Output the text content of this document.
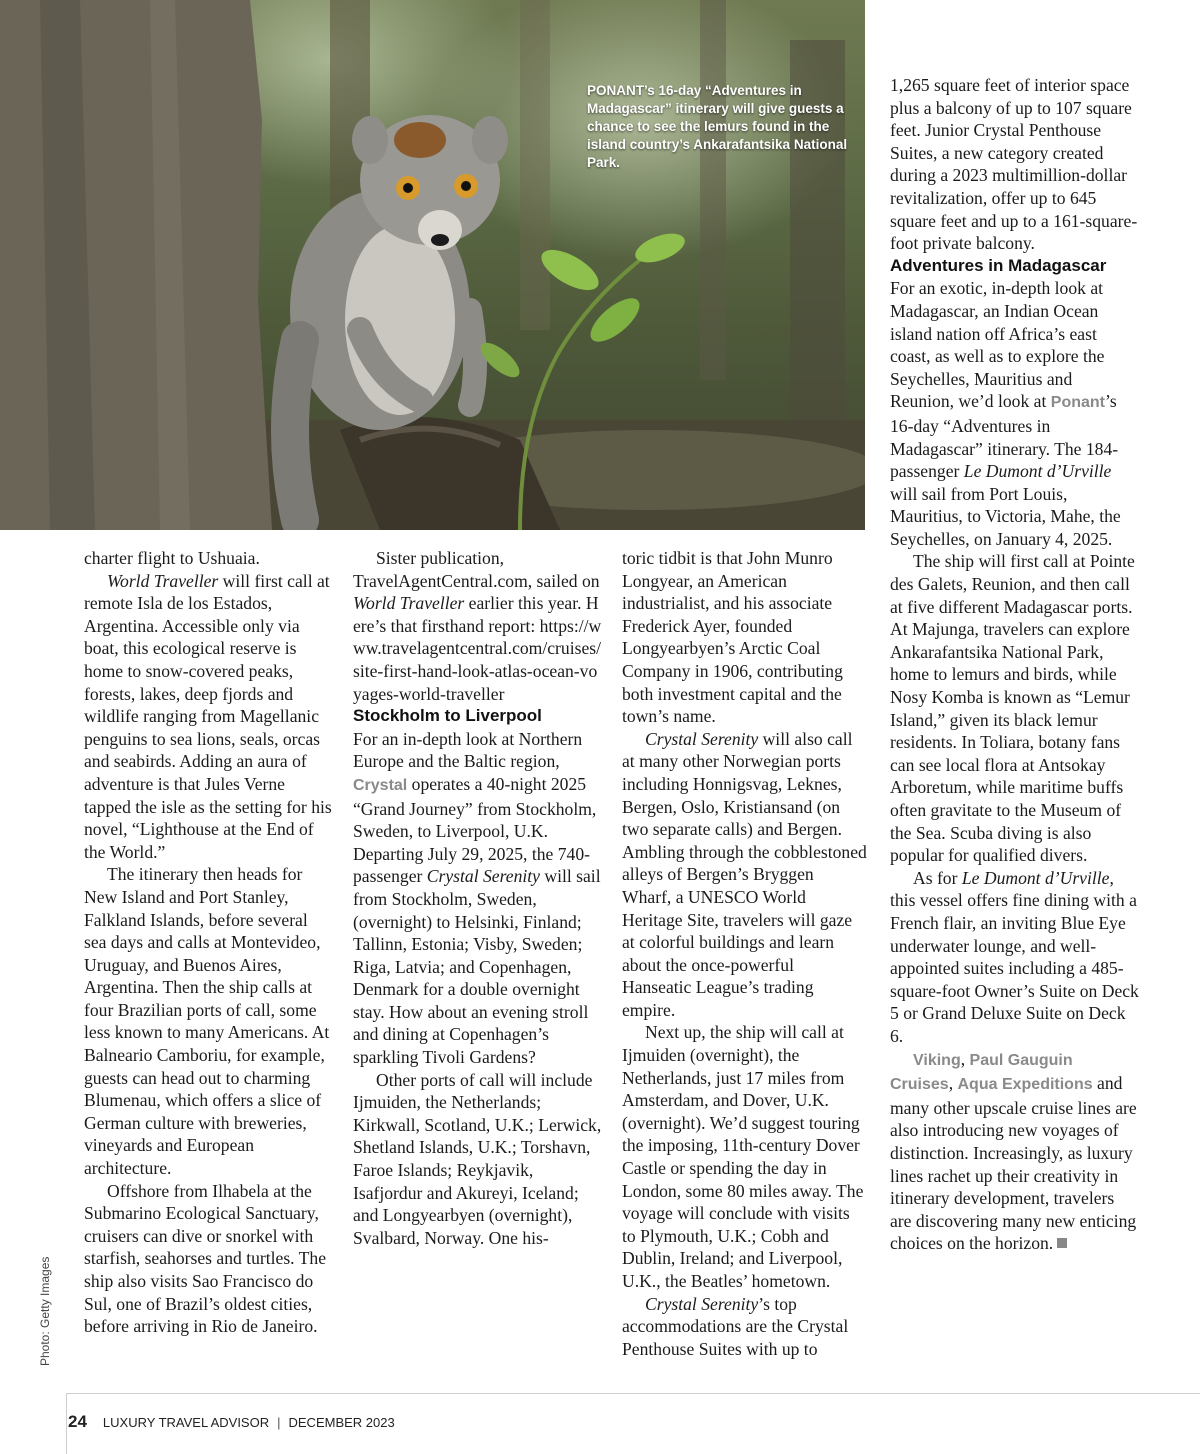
PONANT’s 16-day “Adventures in Madagascar” itinerary will give guests a chance to see the lemurs found in the island country’s Ankarafantsika National Park.
Photo: Getty Images

charter flight to Ushuaia.

World Traveller will first call at remote Isla de los Estados, Argentina. Accessible only via boat, this ecological reserve is home to snow-covered peaks, forests, lakes, deep fjords and wildlife ranging from Magellanic penguins to sea lions, seals, orcas and seabirds. Adding an aura of adventure is that Jules Verne tapped the isle as the setting for his novel, “Lighthouse at the End of the World.”

The itinerary then heads for New Island and Port Stanley, Falkland Islands, before several sea days and calls at Montevideo, Uruguay, and Buenos Aires, Argentina. Then the ship calls at four Brazilian ports of call, some less known to many Americans. At Balneario Camboriu, for example, guests can head out to charming Blumenau, which offers a slice of German culture with breweries, vineyards and European architecture.

Offshore from Ilhabela at the Submarino Ecological Sanctuary, cruisers can dive or snorkel with starfish, seahorses and turtles. The ship also visits Sao Francisco do Sul, one of Brazil’s oldest cities, before arriving in Rio de Janeiro.

Sister publication, TravelAgentCentral.com, sailed on World Traveller earlier this year. Here’s that firsthand report: https://www.travelagentcentral.com/cruises/site-first-hand-look-atlas-ocean-voyages-world-traveller

Stockholm to Liverpool

For an in-depth look at Northern Europe and the Baltic region, Crystal operates a 40-night 2025 “Grand Journey” from Stockholm, Sweden, to Liverpool, U.K. Departing July 29, 2025, the 740-passenger Crystal Serenity will sail from Stockholm, Sweden, (overnight) to Helsinki, Finland; Tallinn, Estonia; Visby, Sweden; Riga, Latvia; and Copenhagen, Denmark for a double overnight stay. How about an evening stroll and dining at Copenhagen’s sparkling Tivoli Gardens?

Other ports of call will include Ijmuiden, the Netherlands; Kirkwall, Scotland, U.K.; Lerwick, Shetland Islands, U.K.; Torshavn, Faroe Islands; Reykjavik, Isafjordur and Akureyi, Iceland; and Longyearbyen (overnight), Svalbard, Norway. One his-

toric tidbit is that John Munro Longyear, an American industrialist, and his associate Frederick Ayer, founded Longyearbyen’s Arctic Coal Company in 1906, contributing both investment capital and the town’s name.

Crystal Serenity will also call at many other Norwegian ports including Honnigsvag, Leknes, Bergen, Oslo, Kristiansand (on two separate calls) and Bergen. Ambling through the cobblestoned alleys of Bergen’s Bryggen Wharf, a UNESCO World Heritage Site, travelers will gaze at colorful buildings and learn about the once-powerful Hanseatic League’s trading empire.

Next up, the ship will call at Ijmuiden (overnight), the Netherlands, just 17 miles from Amsterdam, and Dover, U.K. (overnight). We’d suggest touring the imposing, 11th-century Dover Castle or spending the day in London, some 80 miles away. The voyage will conclude with visits to Plymouth, U.K.; Cobh and Dublin, Ireland; and Liverpool, U.K., the Beatles’ hometown.

Crystal Serenity’s top accommodations are the Crystal Penthouse Suites with up to

1,265 square feet of interior space plus a balcony of up to 107 square feet. Junior Crystal Penthouse Suites, a new category created during a 2023 multimillion-dollar revitalization, offer up to 645 square feet and up to a 161-square-foot private balcony.

Adventures in Madagascar

For an exotic, in-depth look at Madagascar, an Indian Ocean island nation off Africa’s east coast, as well as to explore the Seychelles, Mauritius and Reunion, we’d look at Ponant’s 16-day “Adventures in Madagascar” itinerary. The 184-passenger Le Dumont d’Urville will sail from Port Louis, Mauritius, to Victoria, Mahe, the Seychelles, on January 4, 2025.

The ship will first call at Pointe des Galets, Reunion, and then call at five different Madagascar ports. At Majunga, travelers can explore Ankarafantsika National Park, home to lemurs and birds, while Nosy Komba is known as “Lemur Island,” given its black lemur residents. In Toliara, botany fans can see local flora at Antsokay Arboretum, while maritime buffs often gravitate to the Museum of the Sea. Scuba diving is also popular for qualified divers.

As for Le Dumont d’Urville, this vessel offers fine dining with a French flair, an inviting Blue Eye underwater lounge, and well-appointed suites including a 485-square-foot Owner’s Suite on Deck 5 or Grand Deluxe Suite on Deck 6.

Viking, Paul Gauguin Cruises, Aqua Expeditions and many other upscale cruise lines are also introducing new voyages of distinction. Increasingly, as luxury lines rachet up their creativity in itinerary development, travelers are discovering many new enticing choices on the horizon.

24 LUXURY TRAVEL ADVISOR | DECEMBER 2023
